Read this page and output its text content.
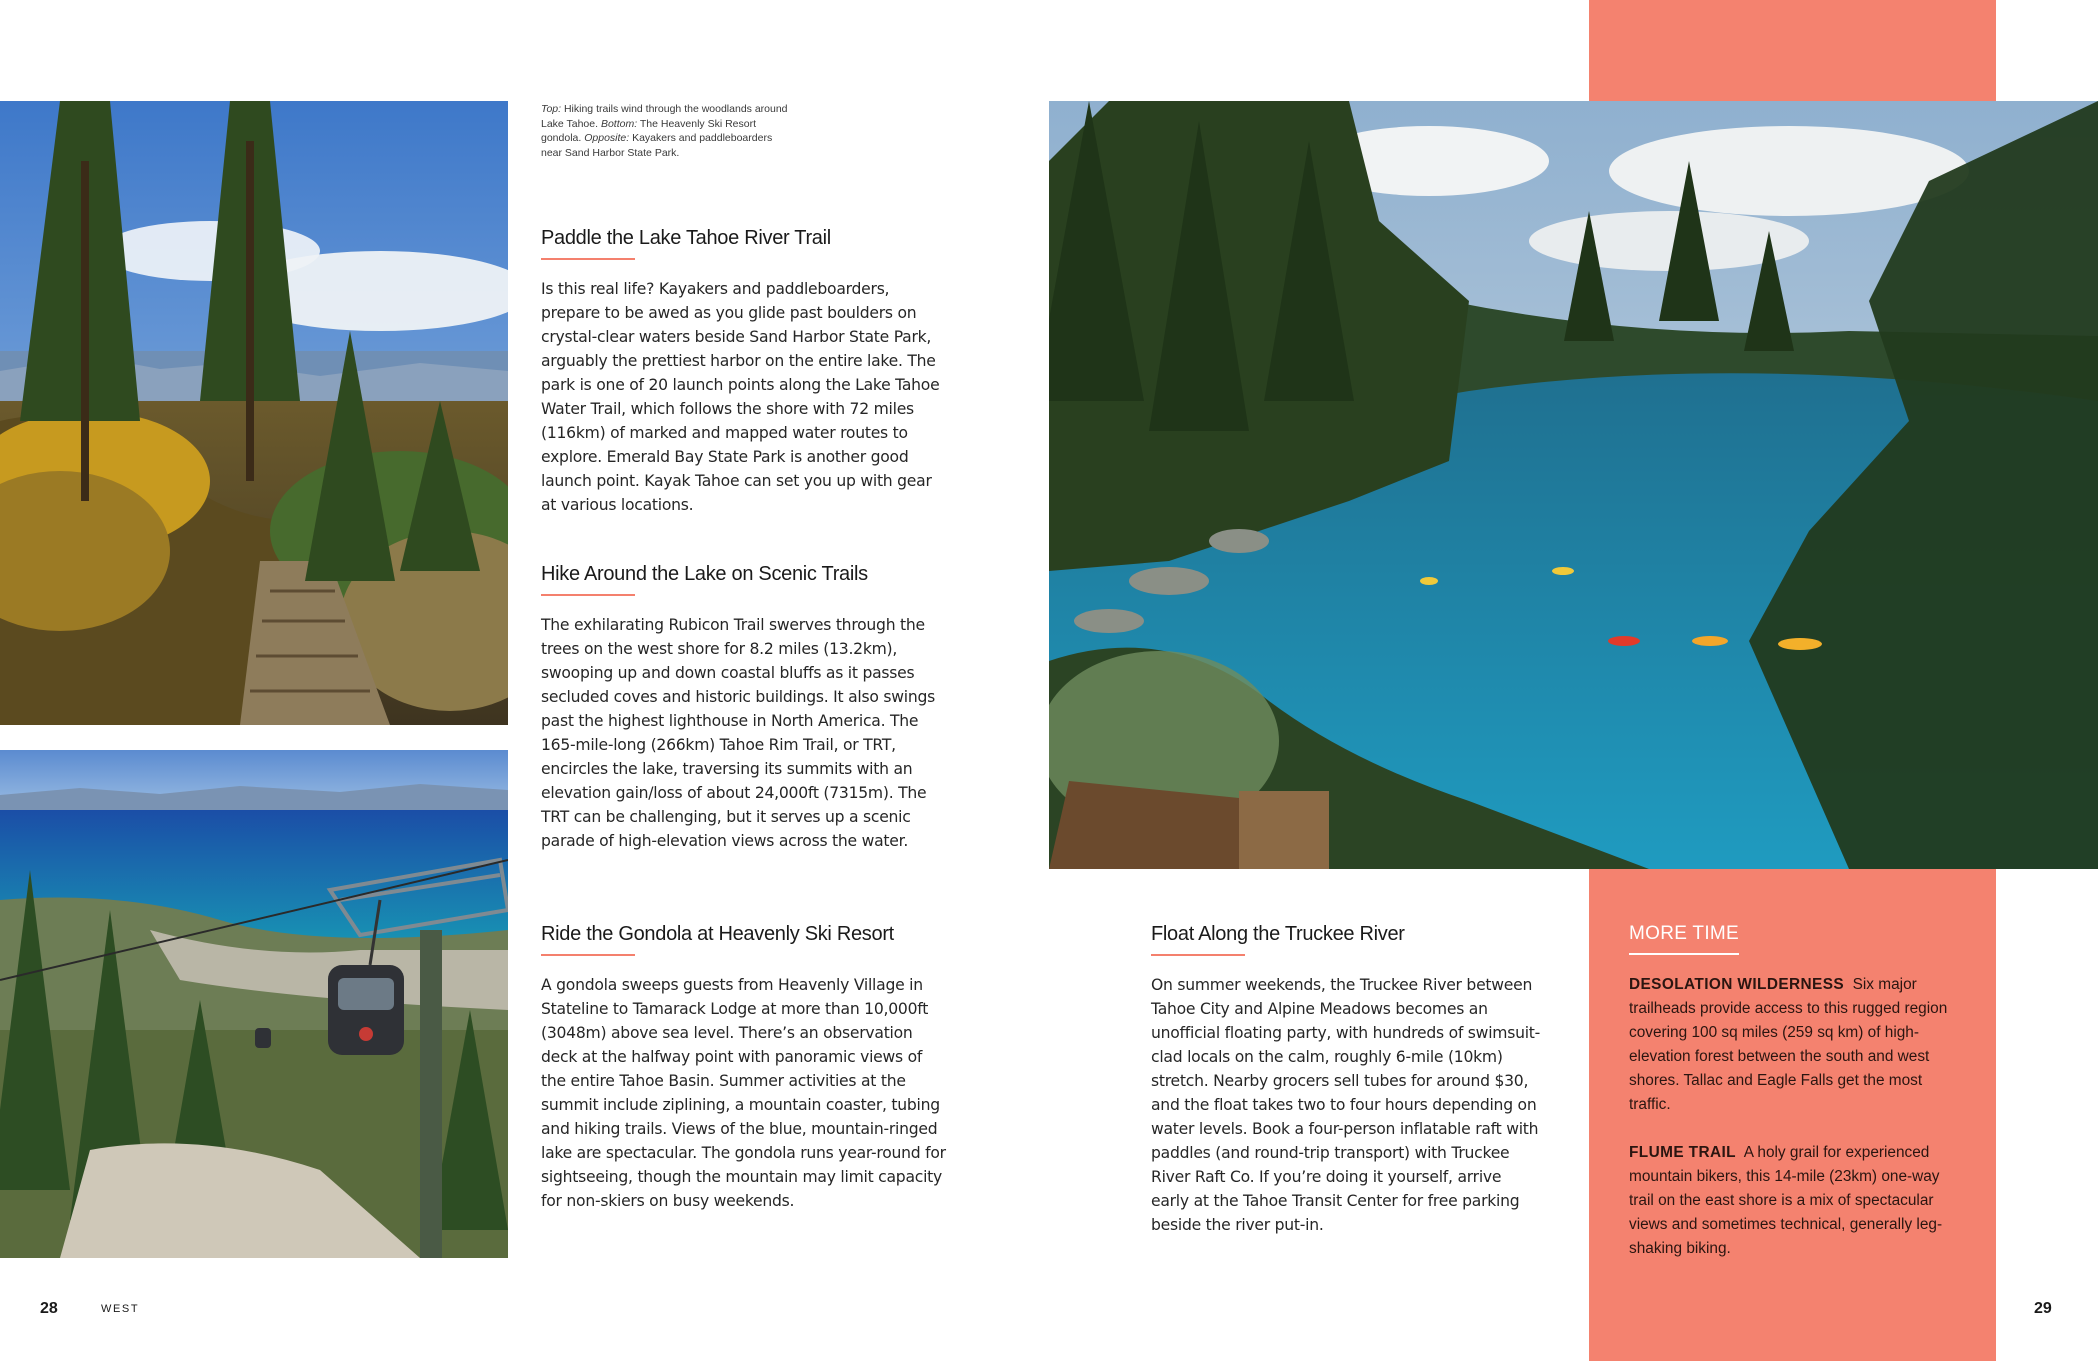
Top: Hiking trails wind through the woodlands around Lake Tahoe. Bottom: The Heavenly Ski Resort gondola. Opposite: Kayakers and paddleboarders near Sand Harbor State Park.
Paddle the Lake Tahoe River Trail

Is this real life? Kayakers and paddleboarders, prepare to be awed as you glide past boulders on crystal-clear waters beside Sand Harbor State Park, arguably the prettiest harbor on the entire lake. The park is one of 20 launch points along the Lake Tahoe Water Trail, which follows the shore with 72 miles (116km) of marked and mapped water routes to explore. Emerald Bay State Park is another good launch point. Kayak Tahoe can set you up with gear at various locations.

Hike Around the Lake on Scenic Trails

The exhilarating Rubicon Trail swerves through the trees on the west shore for 8.2 miles (13.2km), swooping up and down coastal bluffs as it passes secluded coves and historic buildings. It also swings past the highest lighthouse in North America. The 165-mile-long (266km) Tahoe Rim Trail, or TRT, encircles the lake, traversing its summits with an elevation gain/loss of about 24,000ft (7315m). The TRT can be challenging, but it serves up a scenic parade of high-elevation views across the water.

Ride the Gondola at Heavenly Ski Resort

A gondola sweeps guests from Heavenly Village in Stateline to Tamarack Lodge at more than 10,000ft (3048m) above sea level. There’s an observation deck at the halfway point with panoramic views of the entire Tahoe Basin. Summer activities at the summit include ziplining, a mountain coaster, tubing and hiking trails. Views of the blue, mountain-ringed lake are spectacular. The gondola runs year-round for sightseeing, though the mountain may limit capacity for non-skiers on busy weekends.

MORE TIME

DESOLATION WILDERNESS Six major trailheads provide access to this rugged region covering 100 sq miles (259 sq km) of high-elevation forest between the south and west shores. Tallac and Eagle Falls get the most traffic.

FLUME TRAIL A holy grail for experienced mountain bikers, this 14-mile (23km) one-way trail on the east shore is a mix of spectacular views and sometimes technical, generally leg-shaking biking.

Float Along the Truckee River

On summer weekends, the Truckee River between Tahoe City and Alpine Meadows becomes an unofficial floating party, with hundreds of swimsuit-clad locals on the calm, roughly 6-mile (10km) stretch. Nearby grocers sell tubes for around $30, and the float takes two to four hours depending on water levels. Book a four-person inflatable raft with paddles (and round-trip transport) with Truckee River Raft Co. If you’re doing it yourself, arrive early at the Tahoe Transit Center for free parking beside the river put-in.

28	WEST	29
